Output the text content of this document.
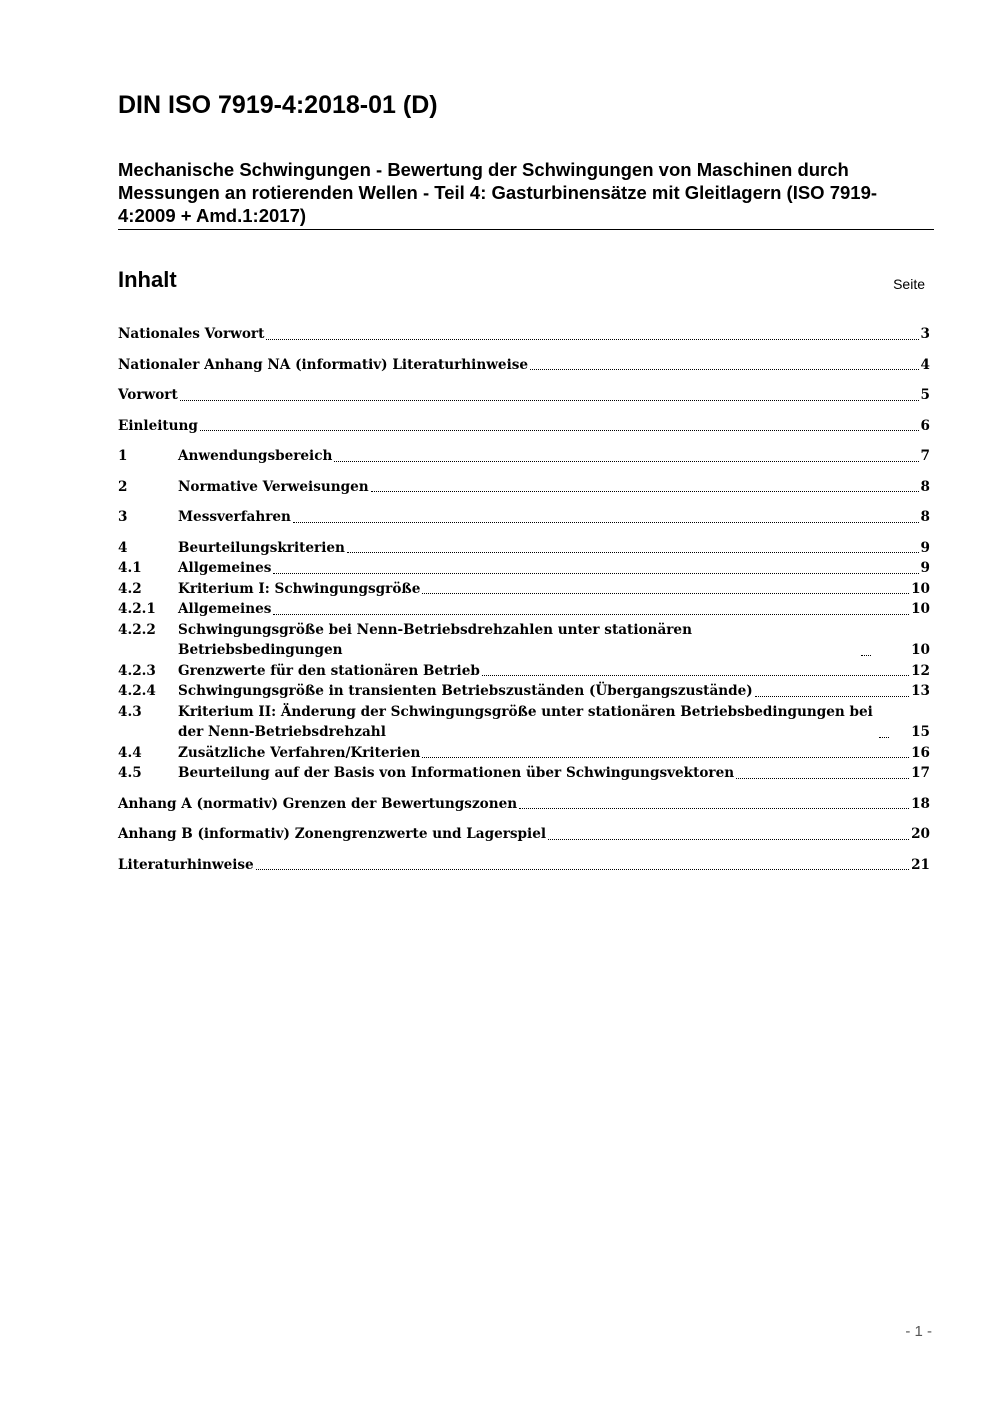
DIN ISO 7919-4:2018-01 (D)
Mechanische Schwingungen - Bewertung der Schwingungen von Maschinen durch Messungen an rotierenden Wellen - Teil 4: Gasturbinensätze mit Gleitlagern (ISO 7919-4:2009 + Amd.1:2017)
Inhalt	Seite
Nationales Vorwort	3
Nationaler Anhang NA (informativ) Literaturhinweise	4
Vorwort	5
Einleitung	6
1	Anwendungsbereich	7
2	Normative Verweisungen	8
3	Messverfahren	8
4	Beurteilungskriterien	9
4.1	Allgemeines	9
4.2	Kriterium I: Schwingungsgröße	10
4.2.1	Allgemeines	10
4.2.2	Schwingungsgröße bei Nenn-Betriebsdrehzahlen unter stationären Betriebsbedingungen	10
4.2.3	Grenzwerte für den stationären Betrieb	12
4.2.4	Schwingungsgröße in transienten Betriebszuständen (Übergangszustände)	13
4.3	Kriterium II: Änderung der Schwingungsgröße unter stationären Betriebsbedingungen bei der Nenn-Betriebsdrehzahl	15
4.4	Zusätzliche Verfahren/Kriterien	16
4.5	Beurteilung auf der Basis von Informationen über Schwingungsvektoren	17
Anhang A (normativ) Grenzen der Bewertungszonen	18
Anhang B (informativ) Zonengrenzwerte und Lagerspiel	20
Literaturhinweise	21
- 1 -
